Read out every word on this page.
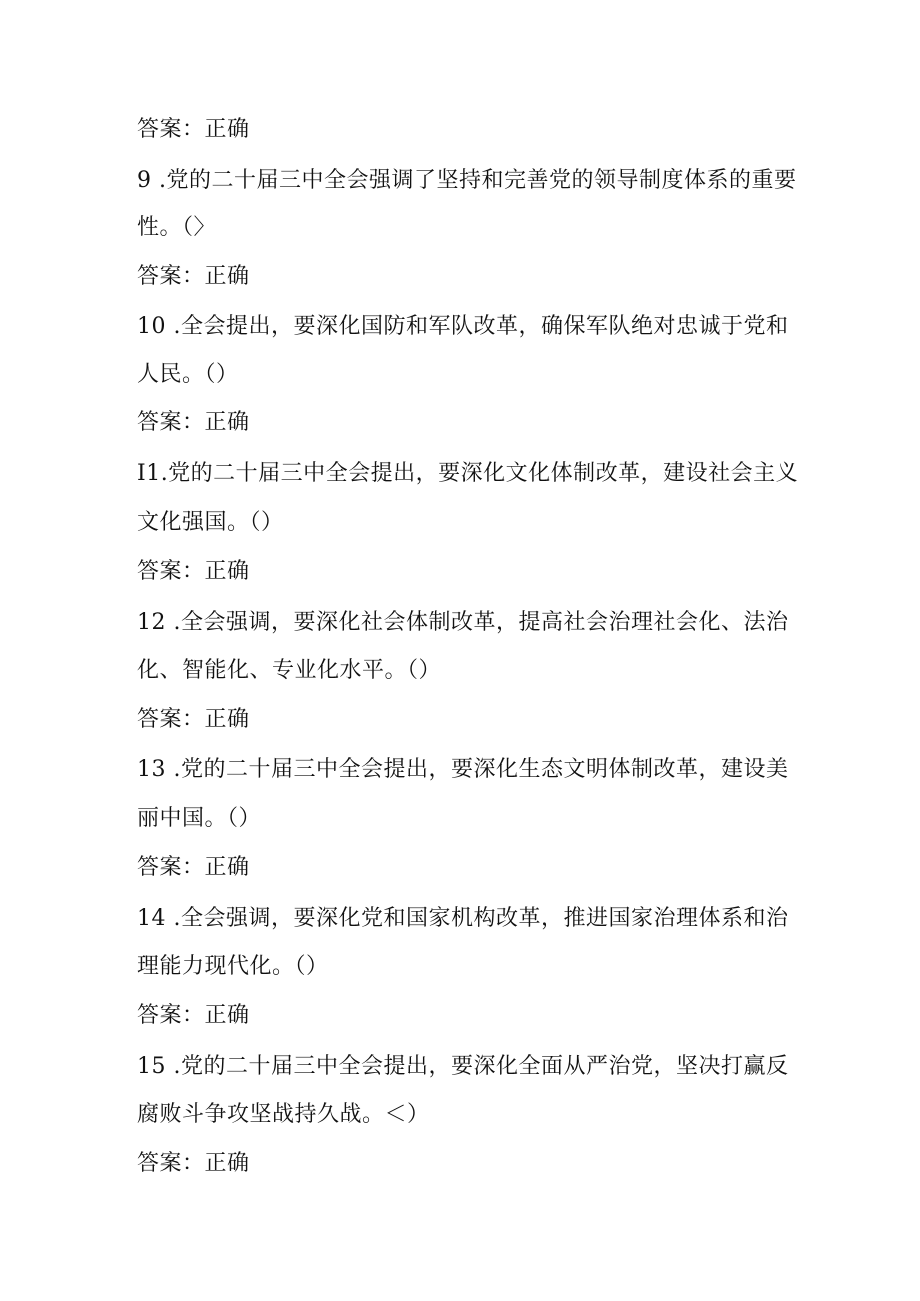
答案：正确
9 .党的二十届三中全会强调了坚持和完善党的领导制度体系的重要
性。（〉
答案：正确
10 .全会提出，要深化国防和军队改革，确保军队绝对忠诚于党和
人民。（）
答案：正确
I1.党的二十届三中全会提出，要深化文化体制改革，建设社会主义
文化强国。（）
答案：正确
12 .全会强调，要深化社会体制改革，提高社会治理社会化、法治
化、智能化、专业化水平。（）
答案：正确
13 .党的二十届三中全会提出，要深化生态文明体制改革，建设美
丽中国。（）
答案：正确
14 .全会强调，要深化党和国家机构改革，推进国家治理体系和治
理能力现代化。（）
答案：正确
15 .党的二十届三中全会提出，要深化全面从严治党，坚决打赢反
腐败斗争攻坚战持久战。＜）
答案：正确
